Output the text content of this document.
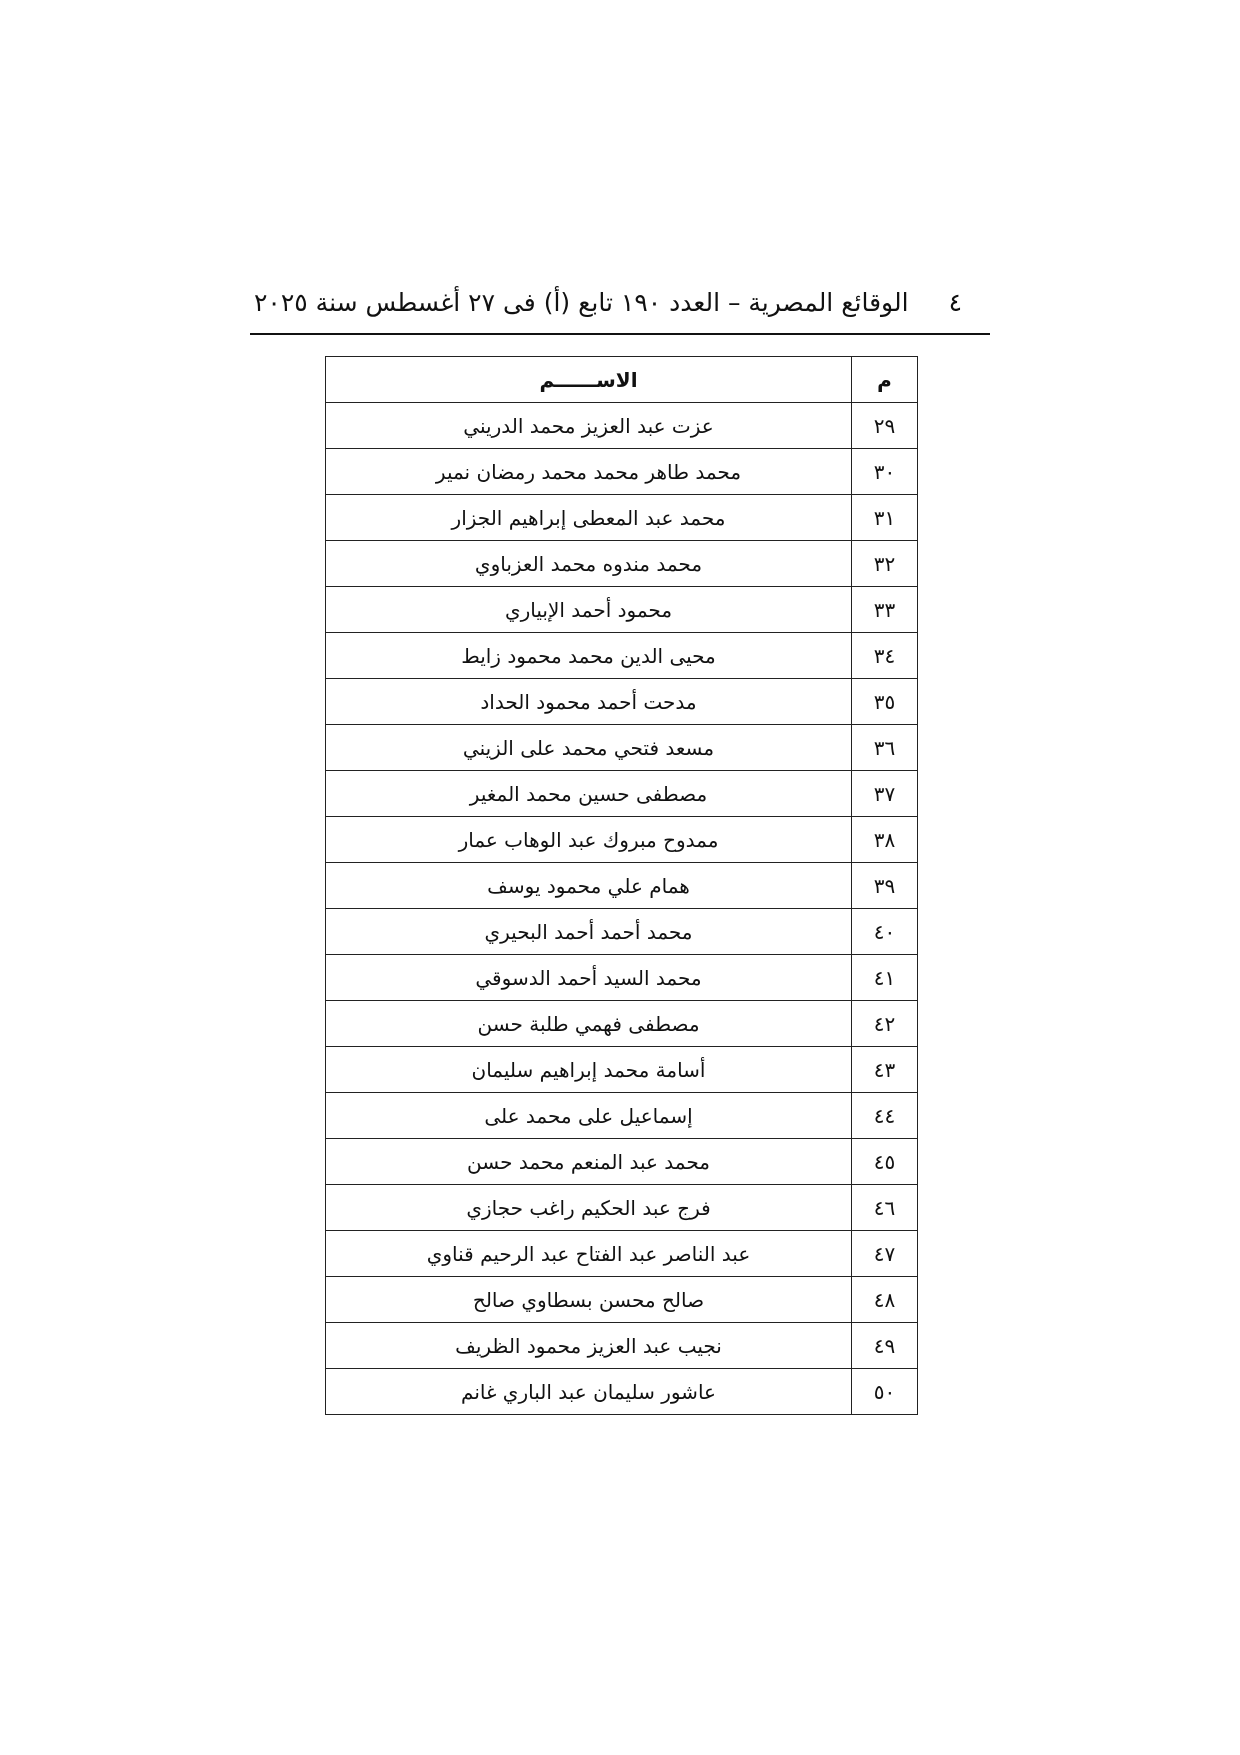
٤
الوقائع المصرية – العدد ١٩٠ تابع (أ) فى ٢٧ أغسطس سنة ٢٠٢٥
م	الاســــــم
٢٩	عزت عبد العزيز محمد الدريني
٣٠	محمد طاهر محمد محمد رمضان نمير
٣١	محمد عبد المعطى إبراهيم الجزار
٣٢	محمد مندوه محمد العزباوي
٣٣	محمود أحمد الإبياري
٣٤	محيى الدين محمد محمود زايط
٣٥	مدحت أحمد محمود الحداد
٣٦	مسعد فتحي محمد على الزيني
٣٧	مصطفى حسين محمد المغير
٣٨	ممدوح مبروك عبد الوهاب عمار
٣٩	همام علي محمود يوسف
٤٠	محمد أحمد أحمد البحيري
٤١	محمد السيد أحمد الدسوقي
٤٢	مصطفى فهمي طلبة حسن
٤٣	أسامة محمد إبراهيم سليمان
٤٤	إسماعيل على محمد على
٤٥	محمد عبد المنعم محمد حسن
٤٦	فرج عبد الحكيم راغب حجازي
٤٧	عبد الناصر عبد الفتاح عبد الرحيم قناوي
٤٨	صالح محسن بسطاوي صالح
٤٩	نجيب عبد العزيز محمود الظريف
٥٠	عاشور سليمان عبد الباري غانم
